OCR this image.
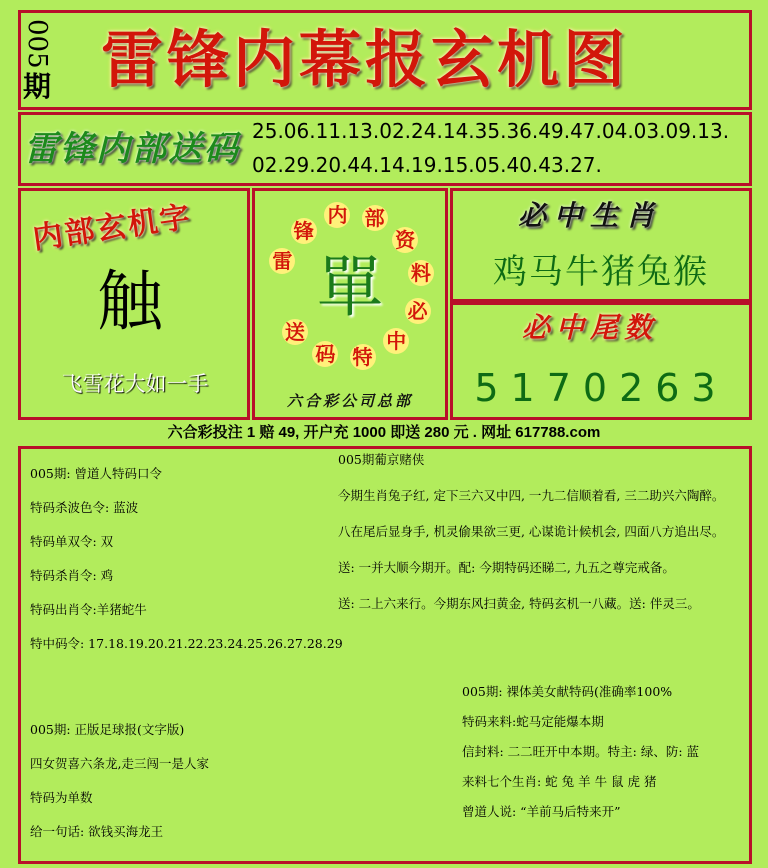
005
期 雷锋内幕报玄机图
雷锋内部送码 25.06.11.13.02.24.14.35.36.49.47.04.03.09.13.
02.29.20.44.14.19.15.05.40.43.27.
内部玄机字
触
飞雪花大如一手
雷
锋
内 部
资
料
必
中
特
码
送
單
六合彩公司总部
必中生肖
鸡马牛猪兔猴
必中尾数
5170263
六合彩投注 1 赔 49, 开户充 1000 即送 280 元 . 网址 617788.com
005期: 曾道人特码口令
特码杀波色令: 蓝波
特码单双令: 双
特码杀肖令: 鸡
特码出肖令:羊猪蛇牛
特中码令: 17.18.19.20.21.22.23.24.25.26.27.28.29
005期: 正版足球报(文字版)
四女贺喜六条龙,走三闯一是人家
特码为单数
给一句话: 欲钱买海龙王
005期葡京赌侠
今期生肖兔子红, 定下三六又中四, 一九二信顺着看, 三二助兴六陶醉。
八在尾后显身手, 机灵偷果欲三更, 心谋诡计候机会, 四面八方追出尽。
送: 一并大顺今期开。配: 今期特码还睇二, 九五之尊完戒备。
送: 二上六来行。今期东风扫黄金, 特码玄机一八藏。送: 伴灵三。
005期: 裸体美女献特码(准确率100%
特码来料:蛇马定能爆本期
信封料: 二二旺开中本期。特主: 绿、防: 蓝
来料七个生肖: 蛇 兔 羊 牛 鼠 虎 猪
曾道人说: “羊前马后特来开”
